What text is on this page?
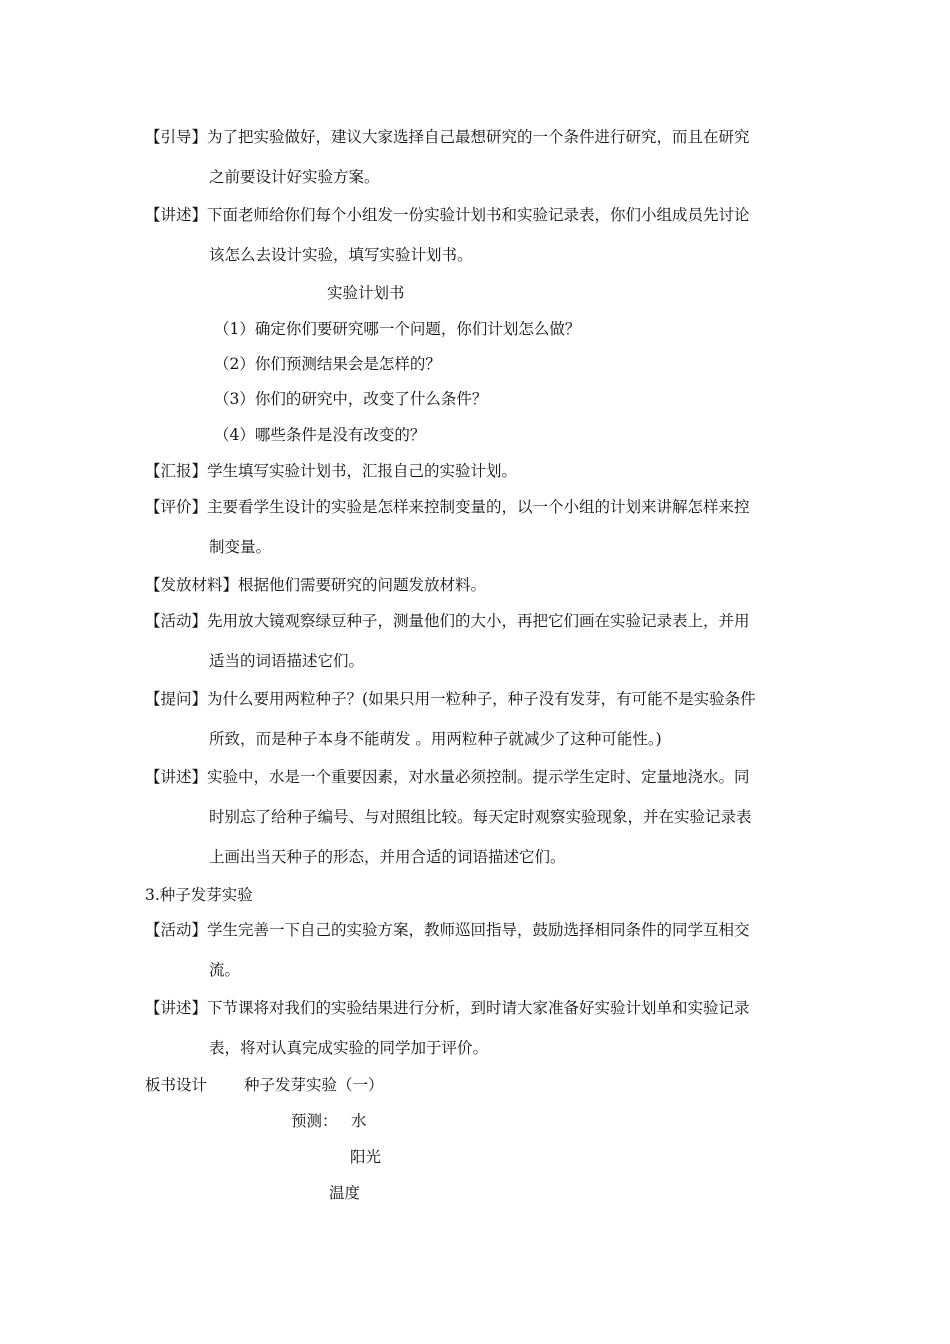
【引导】为了把实验做好，建议大家选择自己最想研究的一个条件进行研究，而且在研究
之前要设计好实验方案。
【讲述】下面老师给你们每个小组发一份实验计划书和实验记录表，你们小组成员先讨论
该怎么去设计实验，填写实验计划书。
实验计划书
（1）确定你们要研究哪一个问题，你们计划怎么做？
（2）你们预测结果会是怎样的？
（3）你们的研究中，改变了什么条件？
（4）哪些条件是没有改变的？
【汇报】学生填写实验计划书，汇报自己的实验计划。
【评价】主要看学生设计的实验是怎样来控制变量的，以一个小组的计划来讲解怎样来控
制变量。
【发放材料】根据他们需要研究的问题发放材料。
【活动】先用放大镜观察绿豆种子，测量他们的大小，再把它们画在实验记录表上，并用
适当的词语描述它们。
【提问】为什么要用两粒种子？(如果只用一粒种子，种子没有发芽，有可能不是实验条件
所致，而是种子本身不能萌发 。用两粒种子就减少了这种可能性。)
【讲述】实验中，水是一个重要因素，对水量必须控制。提示学生定时、定量地浇水。同
时别忘了给种子编号、与对照组比较。每天定时观察实验现象，并在实验记录表
上画出当天种子的形态，并用合适的词语描述它们。
3.种子发芽实验
【活动】学生完善一下自己的实验方案，教师巡回指导，鼓励选择相同条件的同学互相交
流。
【讲述】下节课将对我们的实验结果进行分析，到时请大家准备好实验计划单和实验记录
表，将对认真完成实验的同学加于评价。
板书设计 种子发芽实验（一）
预测： 水
阳光
温度
